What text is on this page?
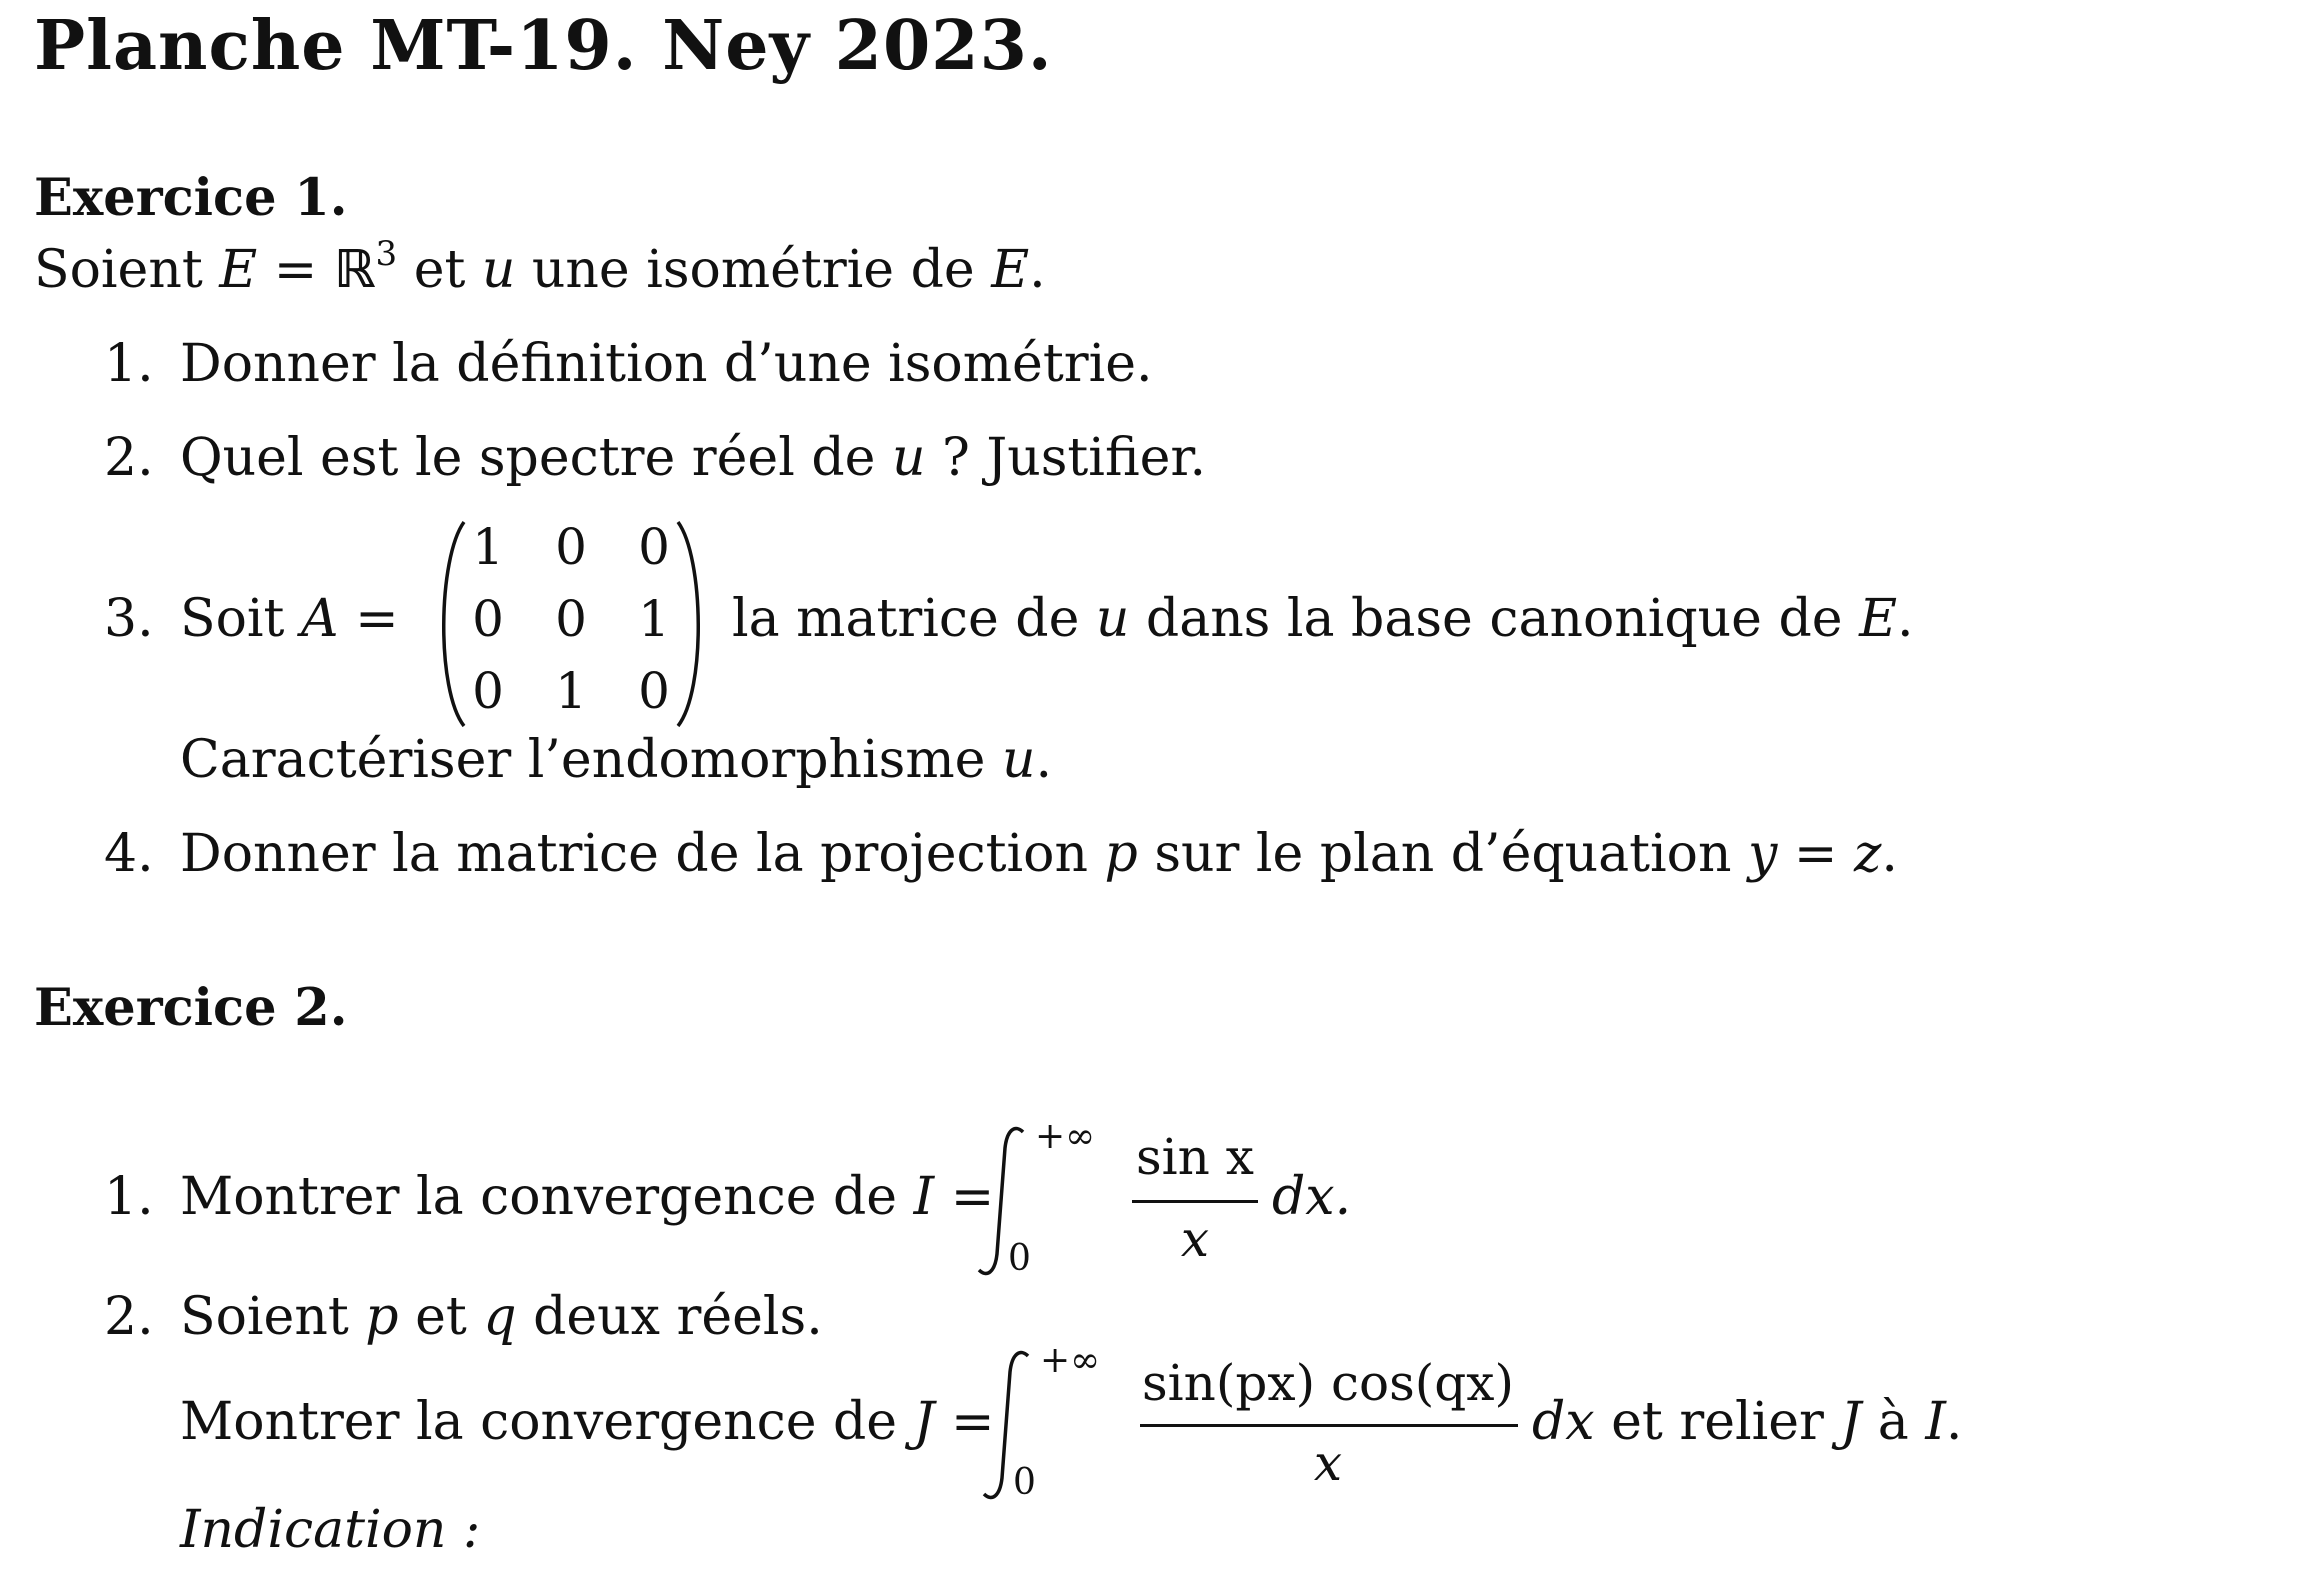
Planche MT-19. Ney 2023.
Exercice 1.
Soient E = ℝ$^3$ et u une isométrie de E.
1. Donner la définition d’une isométrie.
2. Quel est le spectre réel de u ? Justifier.
3. Soit A =
1 0 0
0 0 1
0 1 0
la matrice de u dans la base canonique de E.
Caractériser l’endomorphisme u.
4. Donner la matrice de la projection p sur le plan d’équation y = z.
Exercice 2.
1. Montrer la convergence de I =
+∞
0
sin x
x
dx.
2. Soient p et q deux réels.
Montrer la convergence de J =
+∞
0
sin(px) cos(qx)
x
dx et relier J à I.
Indication :
